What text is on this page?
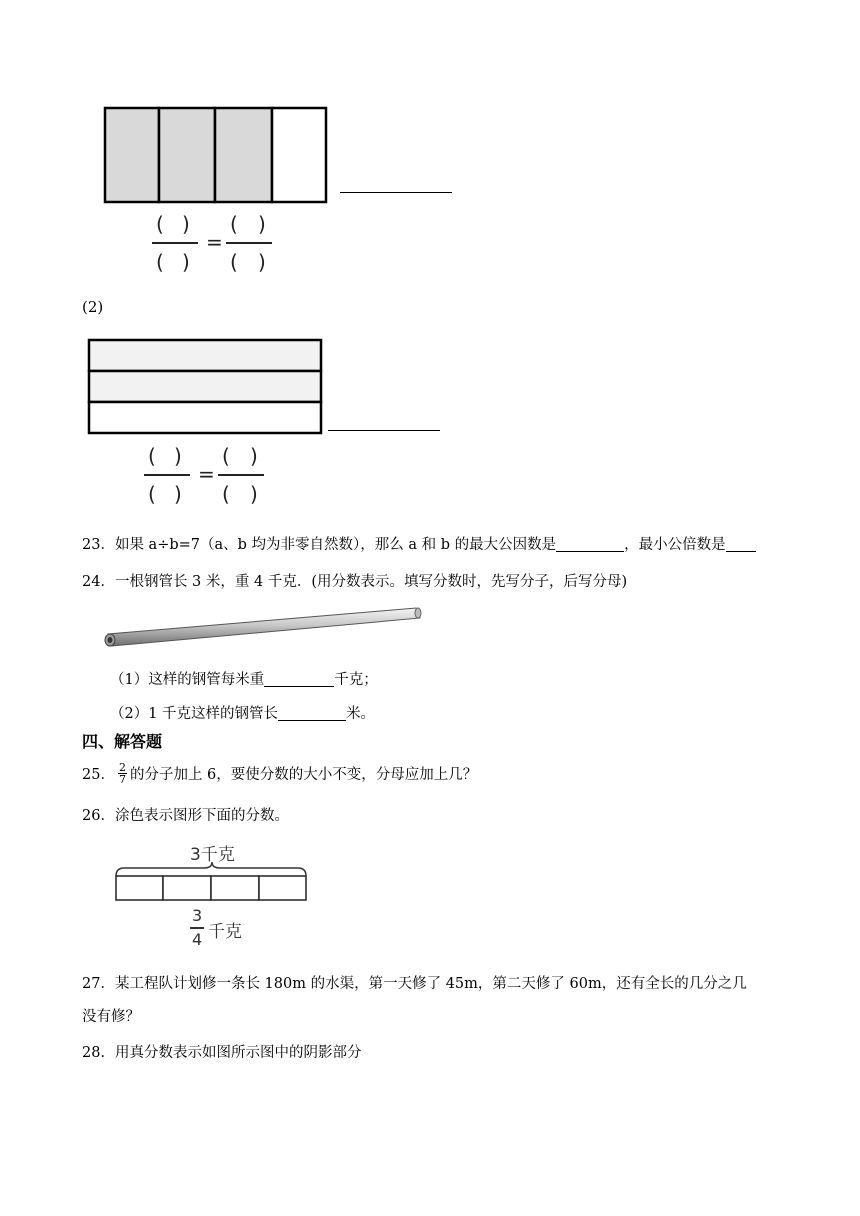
( )
( )
=
( )
( )
(2)
( )
( )
=
( )
( )
23．如果 a÷b=7（a、b 均为非零自然数），那么 a 和 b 的最大公因数是	，最小公倍数是
24．一根钢管长 3 米，重 4 千克．(用分数表示。填写分数时，先写分子，后写分母)
（1）这样的钢管每米重	千克；
（2）1 千克这样的钢管长	米。
四、解答题
25． $\frac{2}{7}$ 的分子加上 6，要使分数的大小不变，分母应加上几？
26．涂色表示图形下面的分数。
3千克
3
4 千克
27．某工程队计划修一条长 180m 的水渠，第一天修了 45m，第二天修了 60m，还有全长的几分之几
没有修？
28．用真分数表示如图所示图中的阴影部分
